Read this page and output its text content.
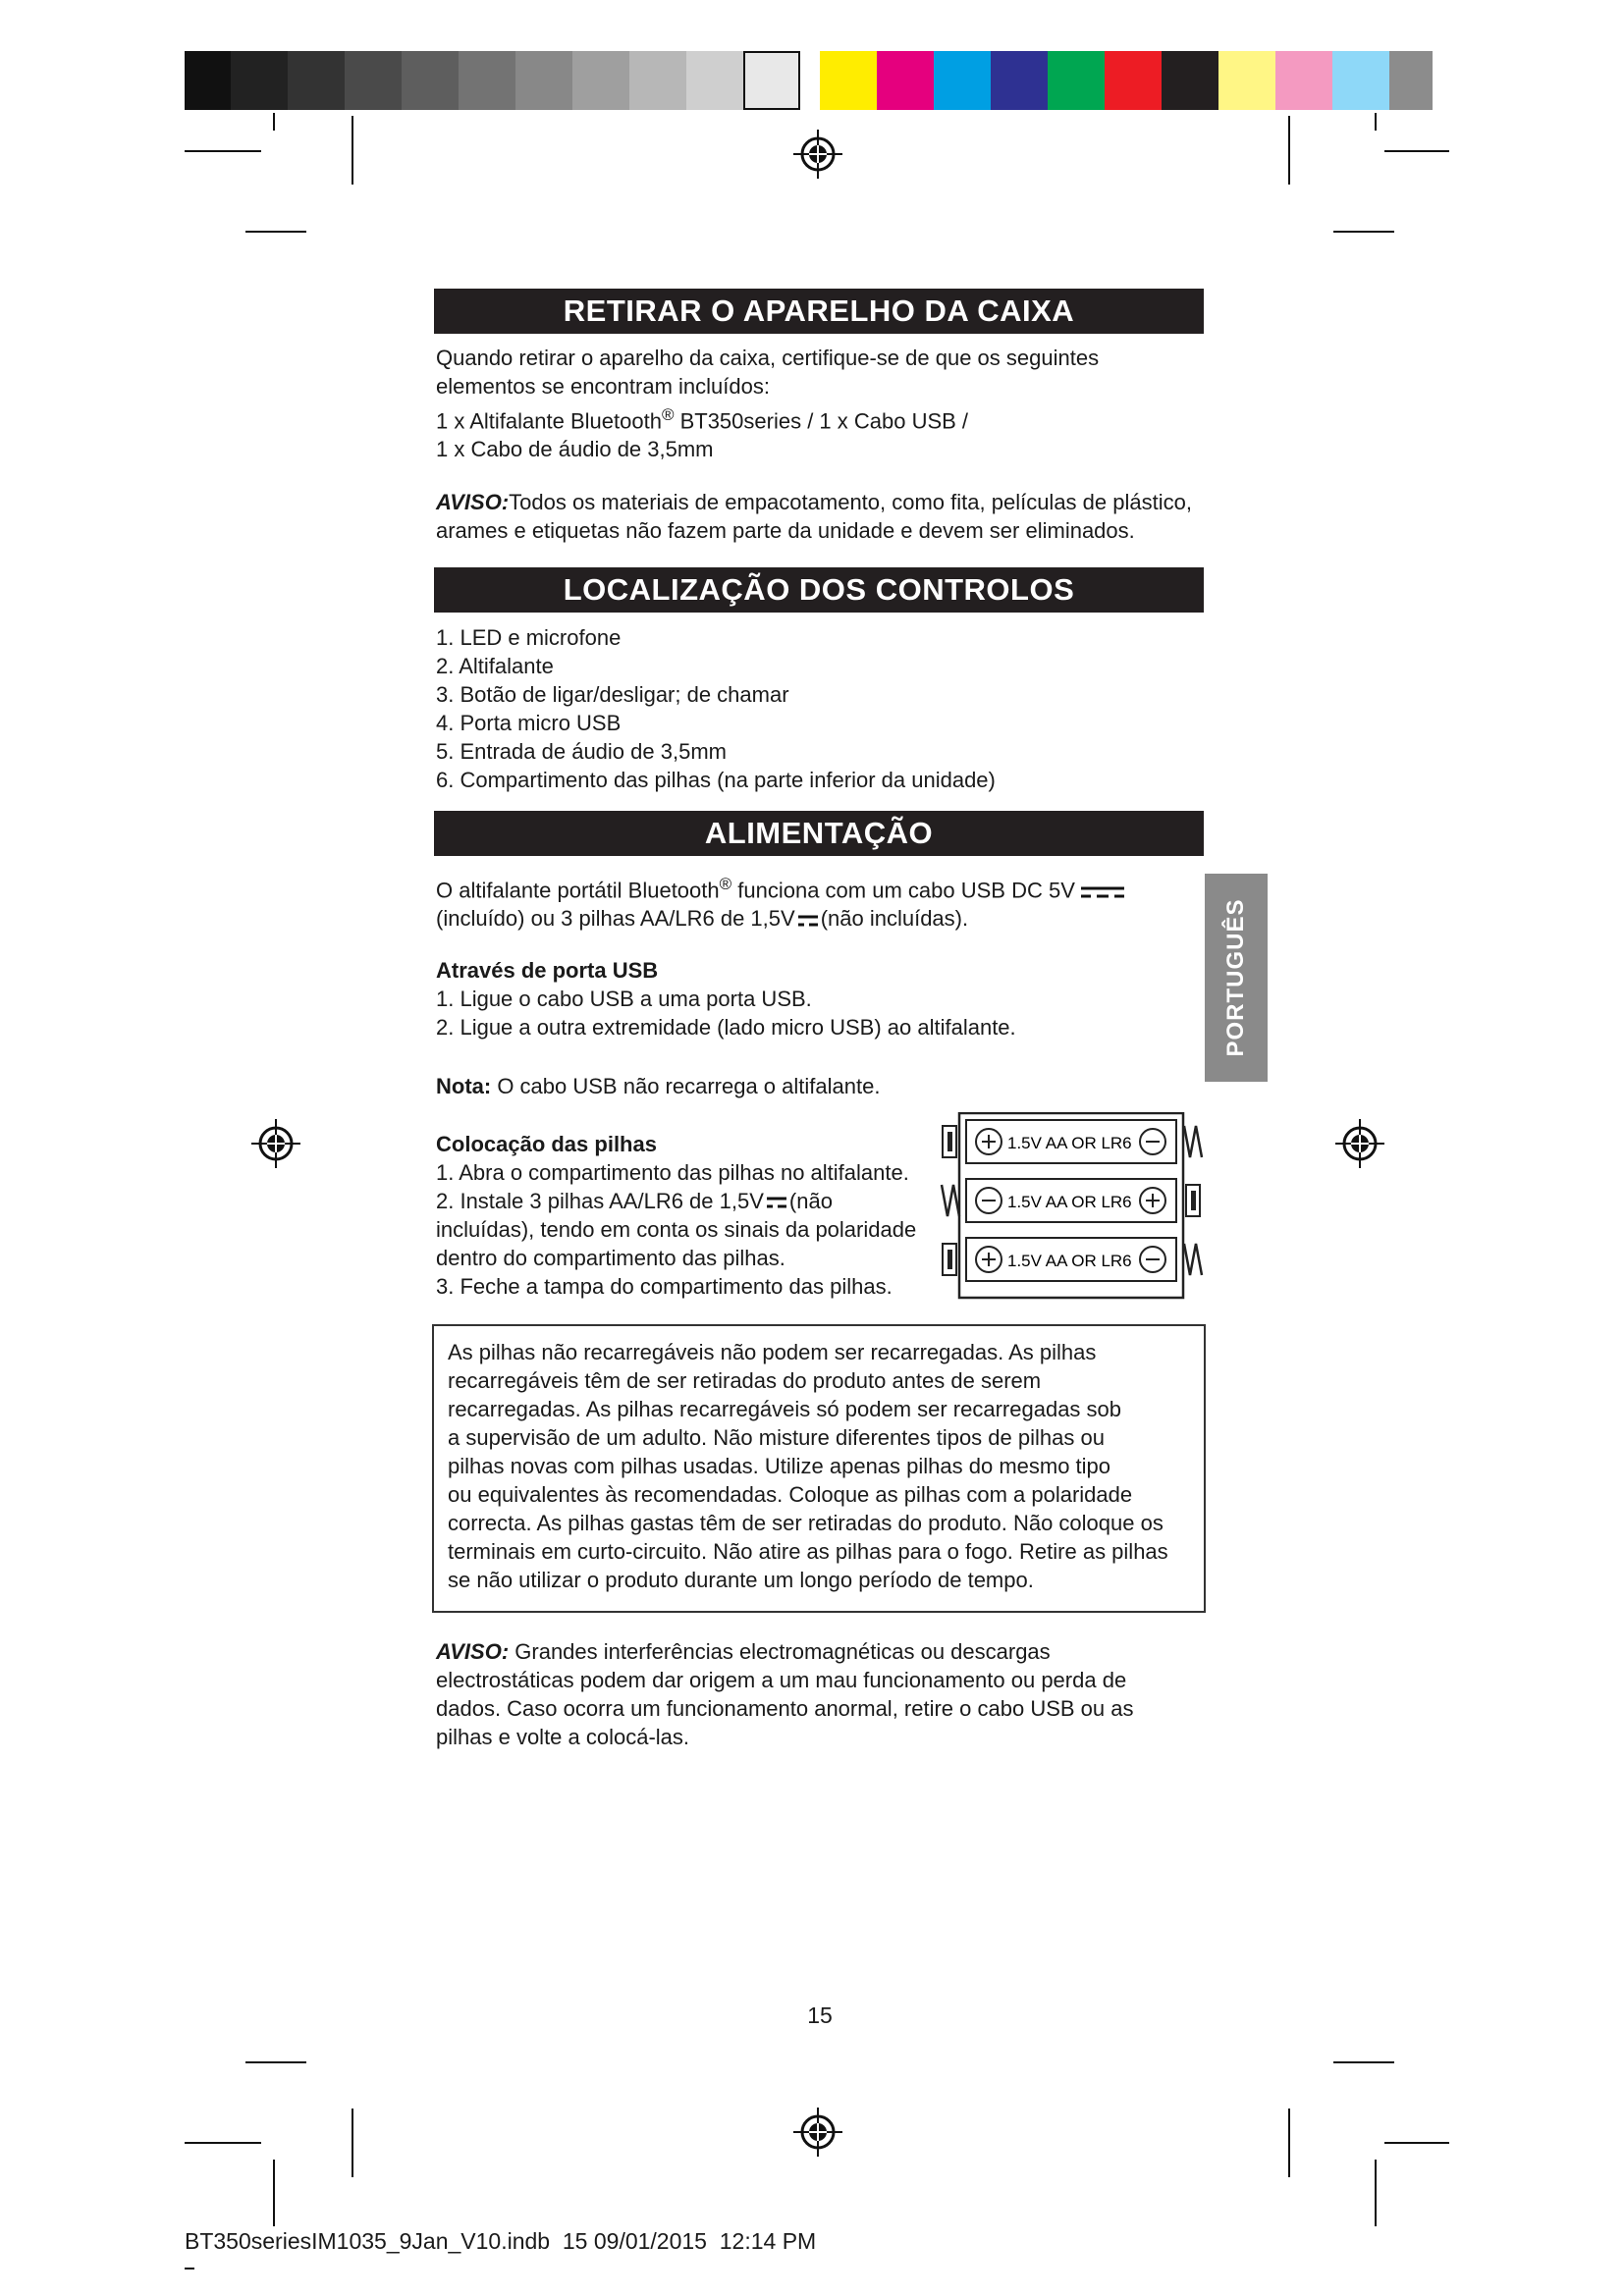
RETIRAR O APARELHO DA CAIXA

Quando retirar o aparelho da caixa, certifique-se de que os seguintes

elementos se encontram incluídos:

1 x Altifalante Bluetooth® BT350series / 1 x Cabo USB /

1 x Cabo de áudio de 3,5mm

AVISO:Todos os materiais de empacotamento, como fita, películas de plástico,

arames e etiquetas não fazem parte da unidade e devem ser eliminados.

LOCALIZAÇÃO DOS CONTROLOS

1. LED e microfone

2. Altifalante

3. Botão de ligar/desligar; de chamar

4. Porta micro USB

5. Entrada de áudio de 3,5mm

6. Compartimento das pilhas (na parte inferior da unidade)

ALIMENTAÇÃO

O altifalante portátil Bluetooth® funciona com um cabo USB DC 5V

(incluído) ou 3 pilhas AA/LR6 de 1,5V (não incluídas).

Através de porta USB

1. Ligue o cabo USB a uma porta USB.

2. Ligue a outra extremidade (lado micro USB) ao altifalante.

Nota: O cabo USB não recarrega o altifalante.

Colocação das pilhas

1. Abra o compartimento das pilhas no altifalante.

2. Instale 3 pilhas AA/LR6 de 1,5V (não

incluídas), tendo em conta os sinais da polaridade

dentro do compartimento das pilhas.

3. Feche a tampa do compartimento das pilhas.

1.5V AA OR LR6
1.5V AA OR LR6
1.5V AA OR LR6

As pilhas não recarregáveis não podem ser recarregadas. As pilhas
recarregáveis têm de ser retiradas do produto antes de serem
recarregadas. As pilhas recarregáveis só podem ser recarregadas sob
a supervisão de um adulto. Não misture diferentes tipos de pilhas ou
pilhas novas com pilhas usadas. Utilize apenas pilhas do mesmo tipo
ou equivalentes às recomendadas. Coloque as pilhas com a polaridade
correcta. As pilhas gastas têm de ser retiradas do produto. Não coloque os
terminais em curto-circuito. Não atire as pilhas para o fogo. Retire as pilhas
se não utilizar o produto durante um longo período de tempo.

AVISO: Grandes interferências electromagnéticas ou descargas

electrostáticas podem dar origem a um mau funcionamento ou perda de

dados. Caso ocorra um funcionamento anormal, retire o cabo USB ou as

pilhas e volte a colocá-las.

PORTUGUÊS
15
BT350seriesIM1035_9Jan_V10.indb 15 09/01/2015 12:14 PM
